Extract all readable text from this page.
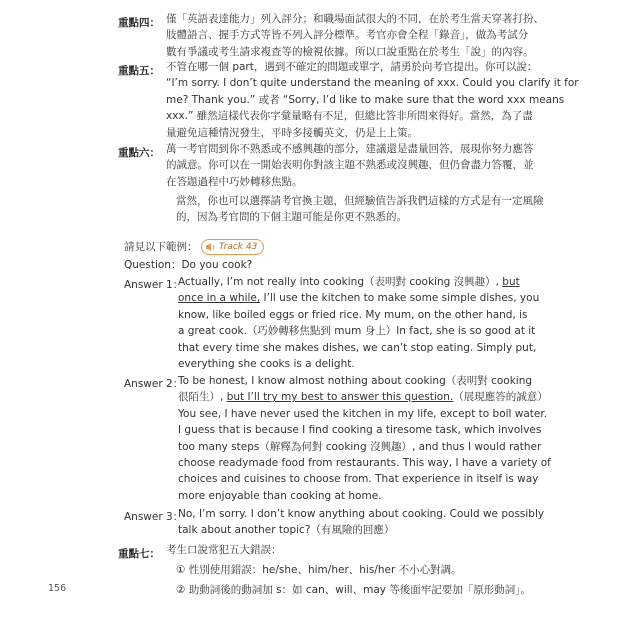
重點四： 僅「英語表達能力」列入評分；和職場面試很大的不同，在於考生當天穿著打扮、
肢體語言、握手方式等皆不列入評分標準。考官亦會全程「錄音」，做為考試分
數有爭議或考生請求複查等的檢視依據。所以口說重點在於考生「說」的內容。
重點五： 不管在哪一個 part，遇到不確定的問題或單字，請勇於向考官提出。你可以說：
“I’m sorry. I don’t quite understand the meaning of xxx. Could you clarify it for
me? Thank you.” 或者 “Sorry, I’d like to make sure that the word xxx means
xxx.” 雖然這樣代表你字彙量略有不足，但總比答非所問來得好。當然，為了盡
量避免這種情況發生，平時多接觸英文，仍是上上策。
重點六： 萬一考官問到你不熟悉或不感興趣的部分，建議還是盡量回答，展現你努力應答
的誠意。你可以在一開始表明你對該主題不熟悉或沒興趣，但仍會盡力答覆，並
在答題過程中巧妙轉移焦點。
當然，你也可以選擇請考官換主題，但經驗值告訴我們這樣的方式是有一定風險
的，因為考官問的下個主題可能是你更不熟悉的。
請見以下範例： Track 43
Question：Do you cook?
Answer 1：
Actually, I’m not really into cooking（表明對 cooking 沒興趣）, but
once in a while, I’ll use the kitchen to make some simple dishes, you
know, like boiled eggs or fried rice. My mum, on the other hand, is
a great cook.（巧妙轉移焦點到 mum 身上）In fact, she is so good at it
that every time she makes dishes, we can’t stop eating. Simply put,
everything she cooks is a delight.
Answer 2：
To be honest, I know almost nothing about cooking（表明對 cooking
很陌生）, but I’ll try my best to answer this question.（展現應答的誠意）
You see, I have never used the kitchen in my life, except to boil water.
I guess that is because I find cooking a tiresome task, which involves
too many steps（解釋為何對 cooking 沒興趣）, and thus I would rather
choose readymade food from restaurants. This way, I have a variety of
choices and cuisines to choose from. That experience in itself is way
more enjoyable than cooking at home.
Answer 3：
No, I’m sorry. I don’t know anything about cooking. Could we possibly
talk about another topic?（有風險的回應）
重點七： 考生口說常犯五大錯誤：
① 性別使用錯誤：he/she、him/her、his/her 不小心對調。
② 助動詞後的動詞加 s：如 can、will、may 等後面牢記要加「原形動詞」。
156
